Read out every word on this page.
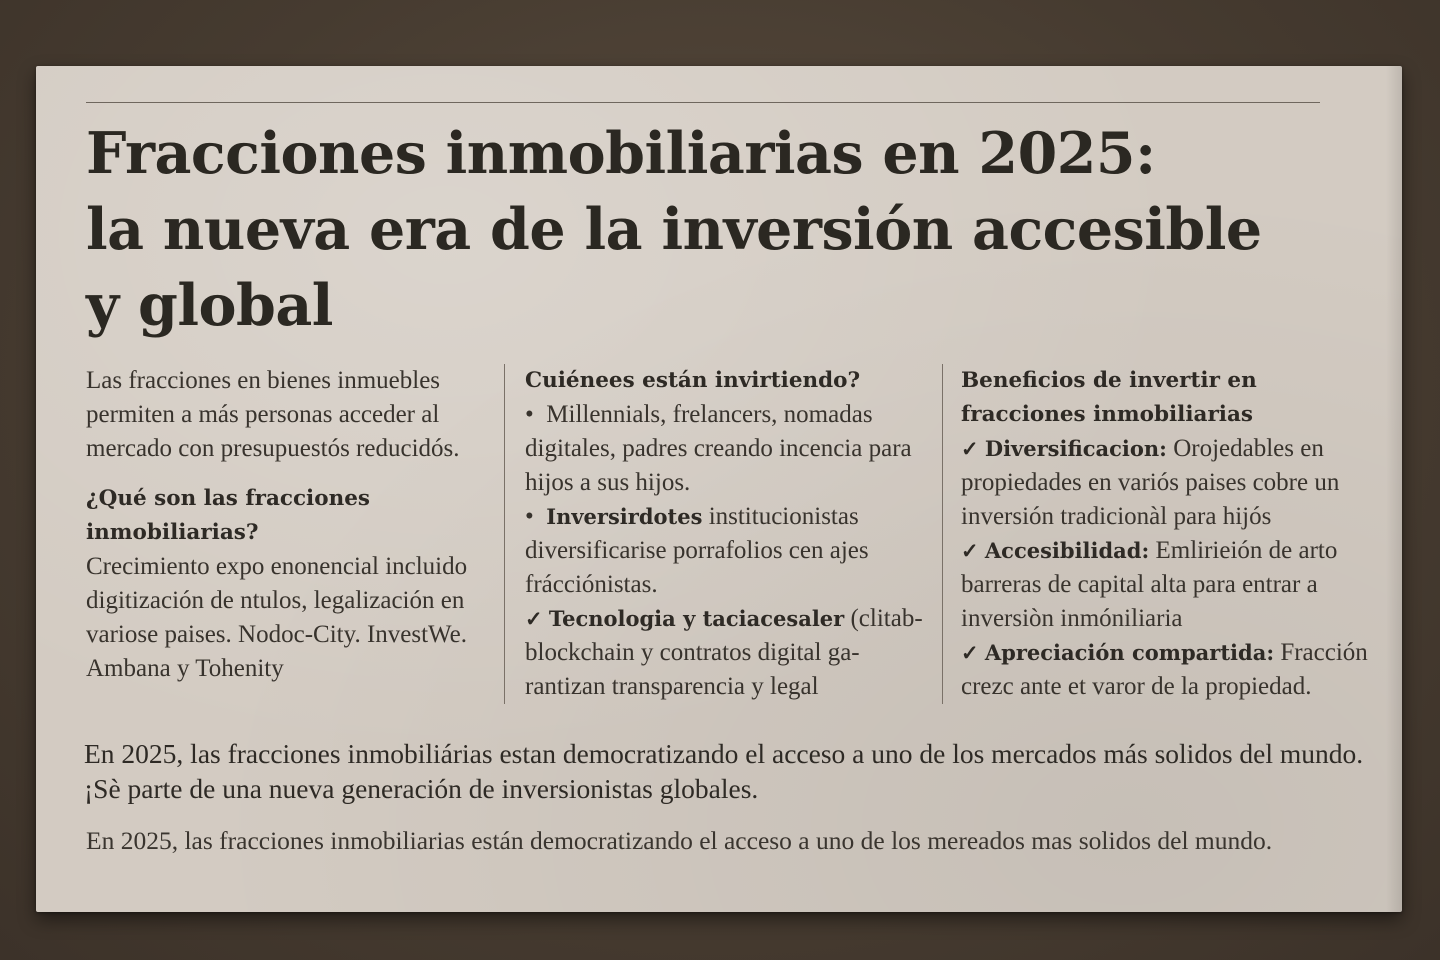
Fracciones inmobiliarias en 2025:
la nueva era de la inversión accesible
y global

Las fracciones en bienes inmuebles permiten a más personas acceder al mercado con presupuestós reducidós.

¿Qué son las fracciones inmobiliarias?

Crecimiento expo enonencial incluido digitización de ntulos, legalización en variose paises. Nodoc-City. InvestWe. Ambana y Tohenity

Cuiénees están invirtiendo?

• Millennials, frelancers, nomadas digitales, padres creando incencia para hijos a sus hijos.

• Inversirdotes institucionistas diversificarise porrafolios cen ajes frácciónistas.

✓ Tecnologia y taciacesaler (clitab- blockchain y contratos digital ga- rantizan transparencia y legal

Beneficios de invertir en fracciones inmobiliarias

✓ Diversificacion: Orojedables en propiedades en variós paises cobre un inversión tradicionàl para hijós

✓ Accesibilidad: Emlirieión de arto barreras de capital alta para entrar a inversiòn inmóniliaria

✓ Apreciación compartida: Fracción crezc ante et varor de la propiedad.

En 2025, las fracciones inmobiliárias estan democratizando el acceso a uno de los mercados más solidos del mundo. ¡Sè parte de una nueva generación de inversionistas globales.

En 2025, las fracciones inmobiliarias están democratizando el acceso a uno de los mereados mas solidos del mundo.
